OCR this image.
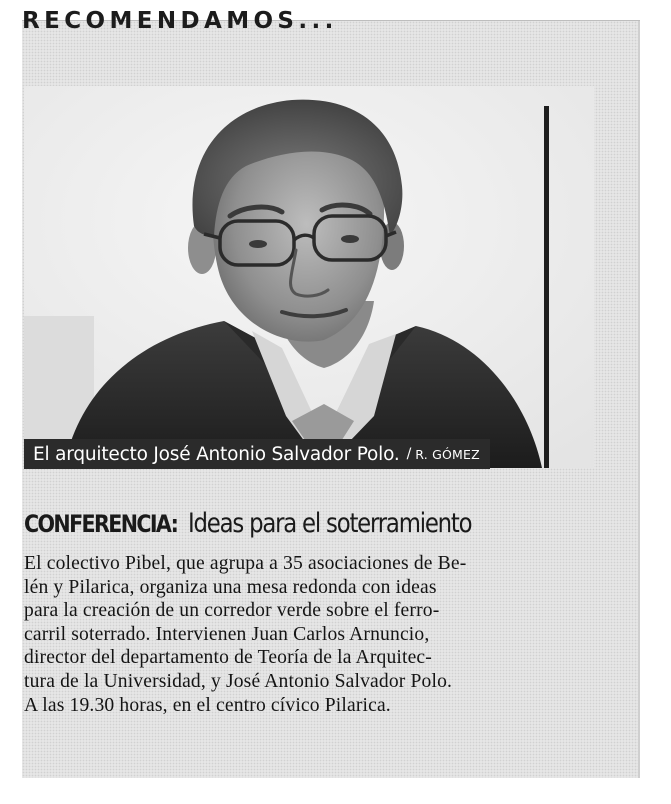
RECOMENDAMOS...
El arquitecto José Antonio Salvador Polo. / R. GÓMEZ
CONFERENCIA: Ideas para el soterramiento
El colectivo Pibel, que agrupa a 35 asociaciones de Be-
lén y Pilarica, organiza una mesa redonda con ideas
para la creación de un corredor verde sobre el ferro-
carril soterrado. Intervienen Juan Carlos Arnuncio,
director del departamento de Teoría de la Arquitec-
tura de la Universidad, y José Antonio Salvador Polo.
A las 19.30 horas, en el centro cívico Pilarica.
